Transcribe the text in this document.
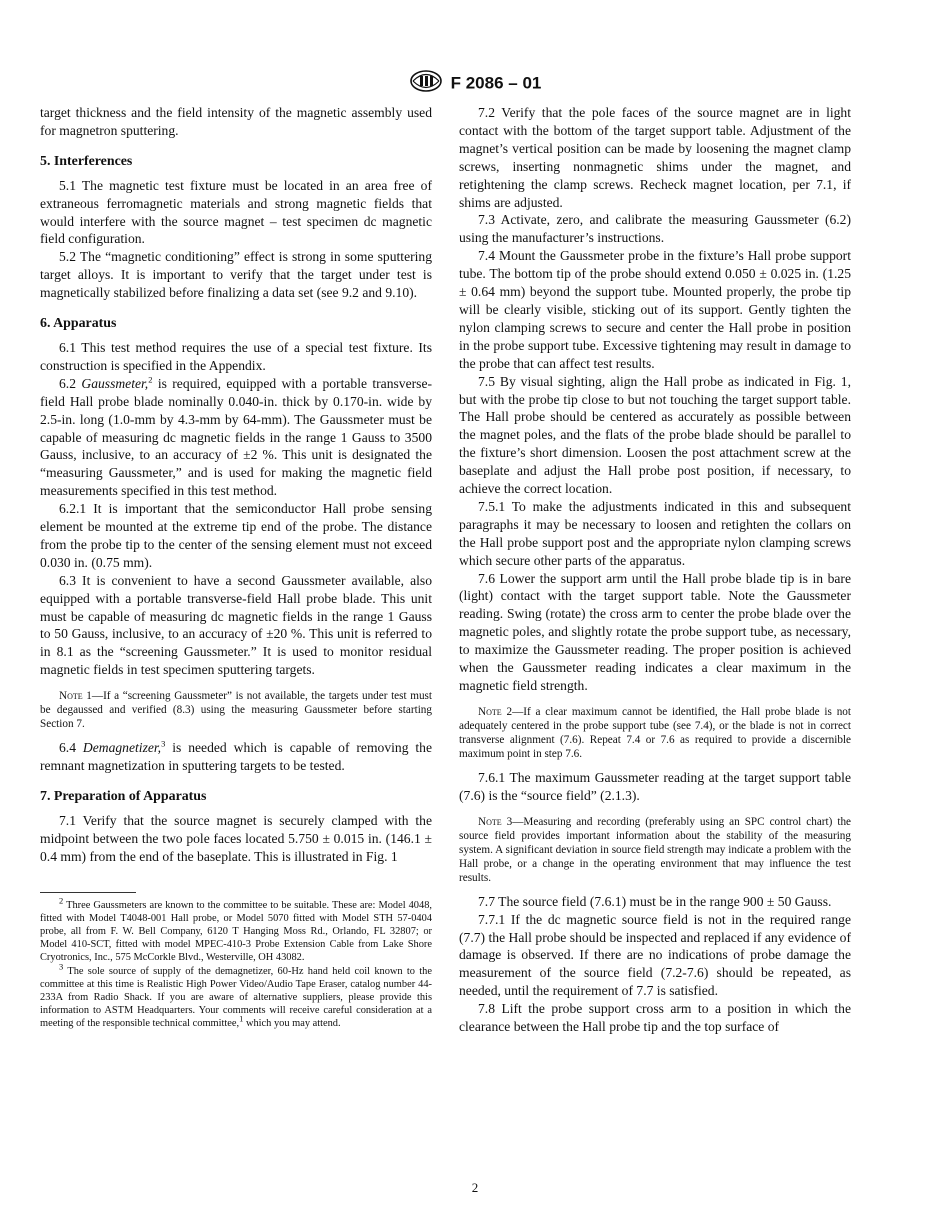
F 2086 – 01

target thickness and the field intensity of the magnetic assembly used for magnetron sputtering.

5. Interferences

5.1 The magnetic test fixture must be located in an area free of extraneous ferromagnetic materials and strong magnetic fields that would interfere with the source magnet – test specimen dc magnetic field configuration.

5.2 The “magnetic conditioning” effect is strong in some sputtering target alloys. It is important to verify that the target under test is magnetically stabilized before finalizing a data set (see 9.2 and 9.10).

6. Apparatus

6.1 This test method requires the use of a special test fixture. Its construction is specified in the Appendix.

6.2 Gaussmeter,$^2$ is required, equipped with a portable transverse-field Hall probe blade nominally 0.040-in. thick by 0.170-in. wide by 2.5-in. long (1.0-mm by 4.3-mm by 64-mm). The Gaussmeter must be capable of measuring dc magnetic fields in the range 1 Gauss to 3500 Gauss, inclusive, to an accuracy of ±2 %. This unit is designated the “measuring Gaussmeter,” and is used for making the magnetic field measurements specified in this test method.

6.2.1 It is important that the semiconductor Hall probe sensing element be mounted at the extreme tip end of the probe. The distance from the probe tip to the center of the sensing element must not exceed 0.030 in. (0.75 mm).

6.3 It is convenient to have a second Gaussmeter available, also equipped with a portable transverse-field Hall probe blade. This unit must be capable of measuring dc magnetic fields in the range 1 Gauss to 50 Gauss, inclusive, to an accuracy of ±20 %. This unit is referred to in 8.1 as the “screening Gaussmeter.” It is used to monitor residual magnetic fields in test specimen sputtering targets.

Note 1—If a “screening Gaussmeter” is not available, the targets under test must be degaussed and verified (8.3) using the measuring Gaussmeter before starting Section 7.

6.4 Demagnetizer,$^3$ is needed which is capable of removing the remnant magnetization in sputtering targets to be tested.

7. Preparation of Apparatus

7.1 Verify that the source magnet is securely clamped with the midpoint between the two pole faces located 5.750 ± 0.015 in. (146.1 ± 0.4 mm) from the end of the baseplate. This is illustrated in Fig. 1

$^2$ Three Gaussmeters are known to the committee to be suitable. These are: Model 4048, fitted with Model T4048-001 Hall probe, or Model 5070 fitted with Model STH 57-0404 probe, all from F. W. Bell Company, 6120 T Hanging Moss Rd., Orlando, FL 32807; or Model 410-SCT, fitted with model MPEC-410-3 Probe Extension Cable from Lake Shore Cryotronics, Inc., 575 McCorkle Blvd., Westerville, OH 43082.

$^3$ The sole source of supply of the demagnetizer, 60-Hz hand held coil known to the committee at this time is Realistic High Power Video/Audio Tape Eraser, catalog number 44-233A from Radio Shack. If you are aware of alternative suppliers, please provide this information to ASTM Headquarters. Your comments will receive careful consideration at a meeting of the responsible technical committee,$^1$ which you may attend.

7.2 Verify that the pole faces of the source magnet are in light contact with the bottom of the target support table. Adjustment of the magnet’s vertical position can be made by loosening the magnet clamp screws, inserting nonmagnetic shims under the magnet, and retightening the clamp screws. Recheck magnet location, per 7.1, if shims are adjusted.

7.3 Activate, zero, and calibrate the measuring Gaussmeter (6.2) using the manufacturer’s instructions.

7.4 Mount the Gaussmeter probe in the fixture’s Hall probe support tube. The bottom tip of the probe should extend 0.050 ± 0.025 in. (1.25 ± 0.64 mm) beyond the support tube. Mounted properly, the probe tip will be clearly visible, sticking out of its support. Gently tighten the nylon clamping screws to secure and center the Hall probe in position in the probe support tube. Excessive tightening may result in damage to the probe that can affect test results.

7.5 By visual sighting, align the Hall probe as indicated in Fig. 1, but with the probe tip close to but not touching the target support table. The Hall probe should be centered as accurately as possible between the magnet poles, and the flats of the probe blade should be parallel to the fixture’s short dimension. Loosen the post attachment screw at the baseplate and adjust the Hall probe post position, if necessary, to achieve the correct location.

7.5.1 To make the adjustments indicated in this and subsequent paragraphs it may be necessary to loosen and retighten the collars on the Hall probe support post and the appropriate nylon clamping screws which secure other parts of the apparatus.

7.6 Lower the support arm until the Hall probe blade tip is in bare (light) contact with the target support table. Note the Gaussmeter reading. Swing (rotate) the cross arm to center the probe blade over the magnetic poles, and slightly rotate the probe support tube, as necessary, to maximize the Gaussmeter reading. The proper position is achieved when the Gaussmeter reading indicates a clear maximum in the magnetic field strength.

Note 2—If a clear maximum cannot be identified, the Hall probe blade is not adequately centered in the probe support tube (see 7.4), or the blade is not in correct transverse alignment (7.6). Repeat 7.4 or 7.6 as required to provide a discernible maximum point in step 7.6.

7.6.1 The maximum Gaussmeter reading at the target support table (7.6) is the “source field” (2.1.3).

Note 3—Measuring and recording (preferably using an SPC control chart) the source field provides important information about the stability of the measuring system. A significant deviation in source field strength may indicate a problem with the Hall probe, or a change in the operating environment that may influence the test results.

7.7 The source field (7.6.1) must be in the range 900 ± 50 Gauss.

7.7.1 If the dc magnetic source field is not in the required range (7.7) the Hall probe should be inspected and replaced if any evidence of damage is observed. If there are no indications of probe damage the measurement of the source field (7.2-7.6) should be repeated, as needed, until the requirement of 7.7 is satisfied.

7.8 Lift the probe support cross arm to a position in which the clearance between the Hall probe tip and the top surface of

2
